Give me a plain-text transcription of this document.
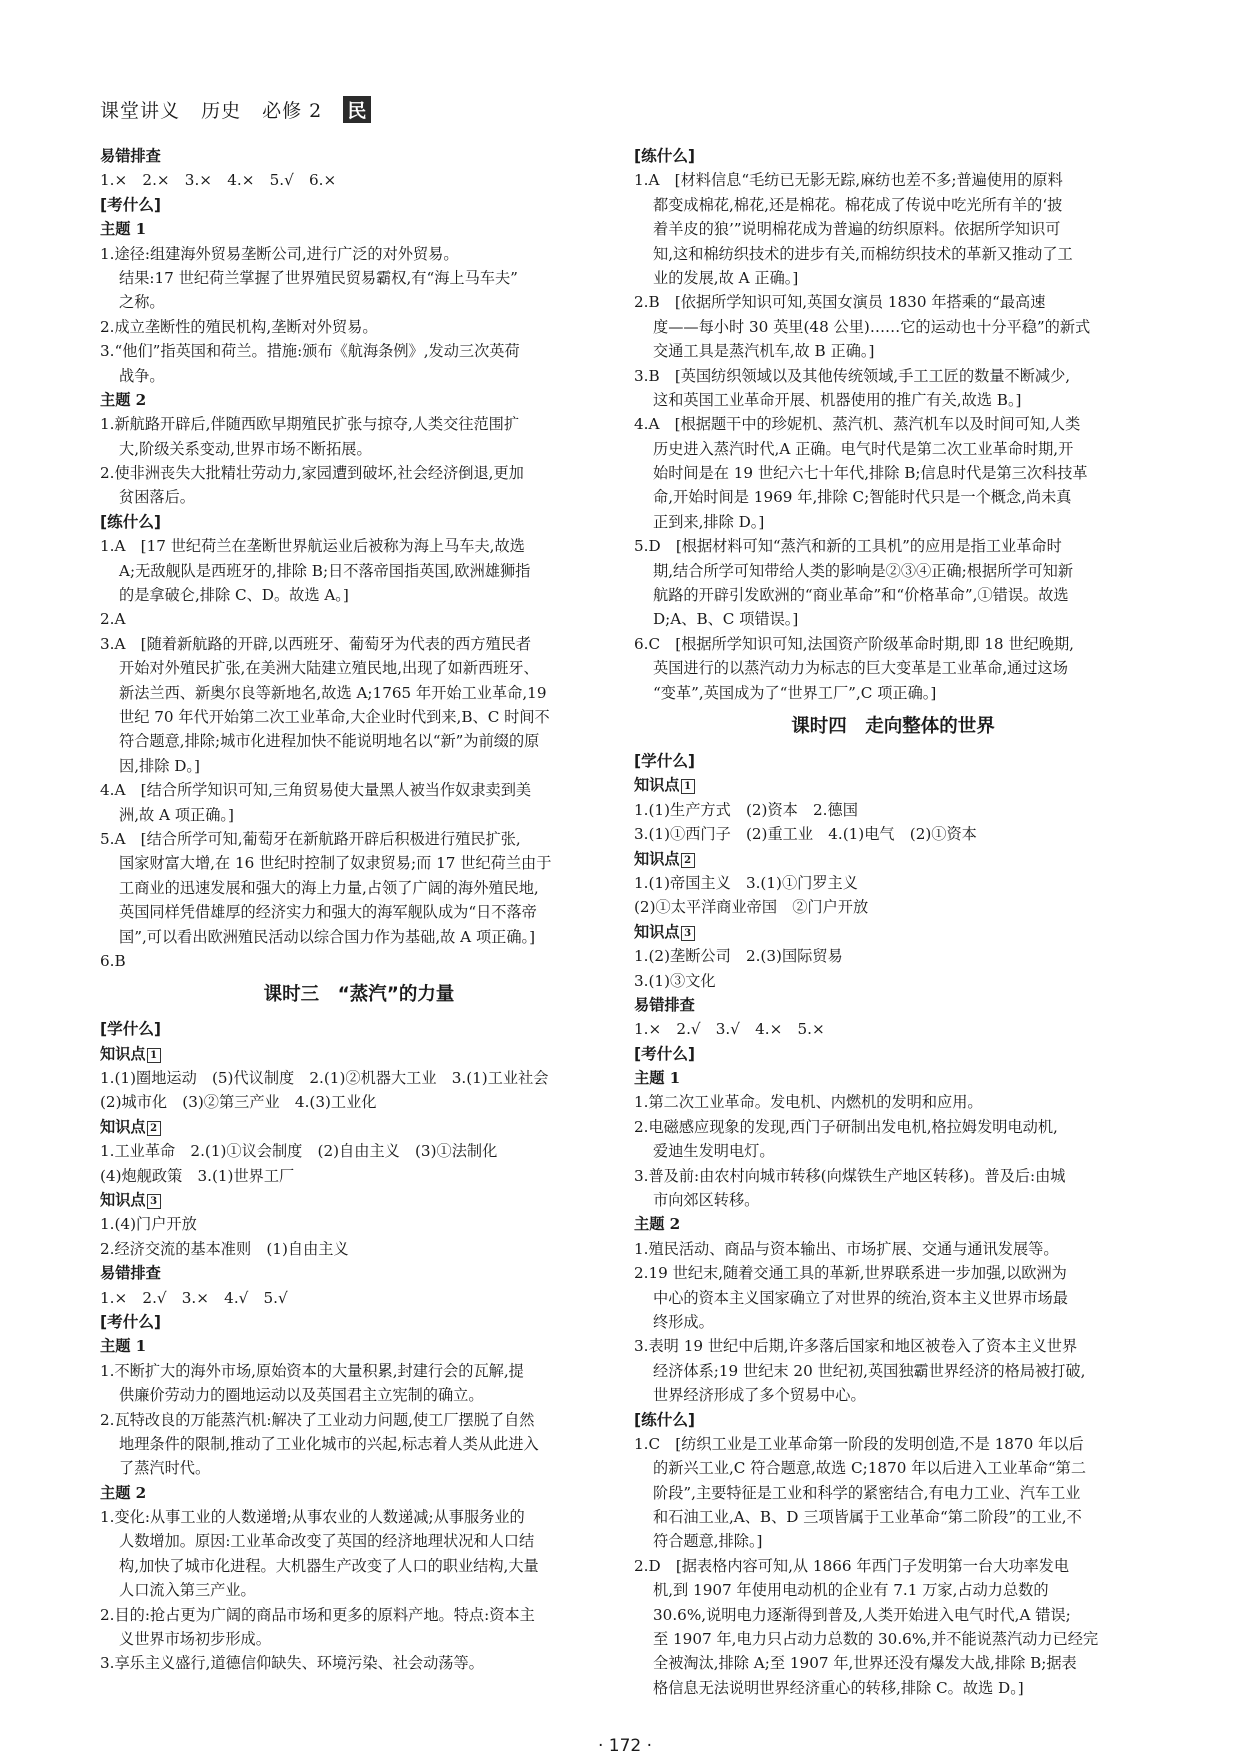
课堂讲义 历史 必修 2 民
易错排查
1.×　2.×　3.×　4.×　5.√　6.×
[考什么]
主题 1
1.途径:组建海外贸易垄断公司,进行广泛的对外贸易。
结果:17 世纪荷兰掌握了世界殖民贸易霸权,有“海上马车夫”
之称。
2.成立垄断性的殖民机构,垄断对外贸易。
3.“他们”指英国和荷兰。措施:颁布《航海条例》,发动三次英荷
战争。
主题 2
1.新航路开辟后,伴随西欧早期殖民扩张与掠夺,人类交往范围扩
大,阶级关系变动,世界市场不断拓展。
2.使非洲丧失大批精壮劳动力,家园遭到破坏,社会经济倒退,更加
贫困落后。
[练什么]
1.A　[17 世纪荷兰在垄断世界航运业后被称为海上马车夫,故选
A;无敌舰队是西班牙的,排除 B;日不落帝国指英国,欧洲雄狮指
的是拿破仑,排除 C、D。故选 A。]
2.A
3.A　[随着新航路的开辟,以西班牙、葡萄牙为代表的西方殖民者
开始对外殖民扩张,在美洲大陆建立殖民地,出现了如新西班牙、
新法兰西、新奥尔良等新地名,故选 A;1765 年开始工业革命,19
世纪 70 年代开始第二次工业革命,大企业时代到来,B、C 时间不
符合题意,排除;城市化进程加快不能说明地名以“新”为前缀的原
因,排除 D。]
4.A　[结合所学知识可知,三角贸易使大量黑人被当作奴隶卖到美
洲,故 A 项正确。]
5.A　[结合所学可知,葡萄牙在新航路开辟后积极进行殖民扩张,
国家财富大增,在 16 世纪时控制了奴隶贸易;而 17 世纪荷兰由于
工商业的迅速发展和强大的海上力量,占领了广阔的海外殖民地,
英国同样凭借雄厚的经济实力和强大的海军舰队成为“日不落帝
国”,可以看出欧洲殖民活动以综合国力作为基础,故 A 项正确。]
6.B
课时三　“蒸汽”的力量
[学什么]
知识点 1
1.(1)圈地运动　(5)代议制度　2.(1)②机器大工业　3.(1)工业社会
(2)城市化　(3)②第三产业　4.(3)工业化
知识点 2
1.工业革命　2.(1)①议会制度　(2)自由主义　(3)①法制化
(4)炮舰政策　3.(1)世界工厂
知识点 3
1.(4)门户开放
2.经济交流的基本准则　(1)自由主义
易错排查
1.×　2.√　3.×　4.√　5.√
[考什么]
主题 1
1.不断扩大的海外市场,原始资本的大量积累,封建行会的瓦解,提
供廉价劳动力的圈地运动以及英国君主立宪制的确立。
2.瓦特改良的万能蒸汽机:解决了工业动力问题,使工厂摆脱了自然
地理条件的限制,推动了工业化城市的兴起,标志着人类从此进入
了蒸汽时代。
主题 2
1.变化:从事工业的人数递增;从事农业的人数递减;从事服务业的
人数增加。原因:工业革命改变了英国的经济地理状况和人口结
构,加快了城市化进程。大机器生产改变了人口的职业结构,大量
人口流入第三产业。
2.目的:抢占更为广阔的商品市场和更多的原料产地。特点:资本主
义世界市场初步形成。
3.享乐主义盛行,道德信仰缺失、环境污染、社会动荡等。
[练什么]
1.A　[材料信息“毛纺已无影无踪,麻纺也差不多;普遍使用的原料
都变成棉花,棉花,还是棉花。棉花成了传说中吃光所有羊的‘披
着羊皮的狼’”说明棉花成为普遍的纺织原料。依据所学知识可
知,这和棉纺织技术的进步有关,而棉纺织技术的革新又推动了工
业的发展,故 A 正确。]
2.B　[依据所学知识可知,英国女演员 1830 年搭乘的“最高速
度——每小时 30 英里(48 公里)……它的运动也十分平稳”的新式
交通工具是蒸汽机车,故 B 正确。]
3.B　[英国纺织领域以及其他传统领域,手工工匠的数量不断减少,
这和英国工业革命开展、机器使用的推广有关,故选 B。]
4.A　[根据题干中的珍妮机、蒸汽机、蒸汽机车以及时间可知,人类
历史进入蒸汽时代,A 正确。电气时代是第二次工业革命时期,开
始时间是在 19 世纪六七十年代,排除 B;信息时代是第三次科技革
命,开始时间是 1969 年,排除 C;智能时代只是一个概念,尚未真
正到来,排除 D。]
5.D　[根据材料可知“蒸汽和新的工具机”的应用是指工业革命时
期,结合所学可知带给人类的影响是②③④正确;根据所学可知新
航路的开辟引发欧洲的“商业革命”和“价格革命”,①错误。故选
D;A、B、C 项错误。]
6.C　[根据所学知识可知,法国资产阶级革命时期,即 18 世纪晚期,
英国进行的以蒸汽动力为标志的巨大变革是工业革命,通过这场
“变革”,英国成为了“世界工厂”,C 项正确。]
课时四　走向整体的世界
[学什么]
知识点 1
1.(1)生产方式　(2)资本　2.德国
3.(1)①西门子　(2)重工业　4.(1)电气　(2)①资本
知识点 2
1.(1)帝国主义　3.(1)①门罗主义
(2)①太平洋商业帝国　②门户开放
知识点 3
1.(2)垄断公司　2.(3)国际贸易
3.(1)③文化
易错排查
1.×　2.√　3.√　4.×　5.×
[考什么]
主题 1
1.第二次工业革命。发电机、内燃机的发明和应用。
2.电磁感应现象的发现,西门子研制出发电机,格拉姆发明电动机,
爱迪生发明电灯。
3.普及前:由农村向城市转移(向煤铁生产地区转移)。普及后:由城
市向郊区转移。
主题 2
1.殖民活动、商品与资本输出、市场扩展、交通与通讯发展等。
2.19 世纪末,随着交通工具的革新,世界联系进一步加强,以欧洲为
中心的资本主义国家确立了对世界的统治,资本主义世界市场最
终形成。
3.表明 19 世纪中后期,许多落后国家和地区被卷入了资本主义世界
经济体系;19 世纪末 20 世纪初,英国独霸世界经济的格局被打破,
世界经济形成了多个贸易中心。
[练什么]
1.C　[纺织工业是工业革命第一阶段的发明创造,不是 1870 年以后
的新兴工业,C 符合题意,故选 C;1870 年以后进入工业革命“第二
阶段”,主要特征是工业和科学的紧密结合,有电力工业、汽车工业
和石油工业,A、B、D 三项皆属于工业革命“第二阶段”的工业,不
符合题意,排除。]
2.D　[据表格内容可知,从 1866 年西门子发明第一台大功率发电
机,到 1907 年使用电动机的企业有 7.1 万家,占动力总数的
30.6%,说明电力逐渐得到普及,人类开始进入电气时代,A 错误;
至 1907 年,电力只占动力总数的 30.6%,并不能说蒸汽动力已经完
全被淘汰,排除 A;至 1907 年,世界还没有爆发大战,排除 B;据表
格信息无法说明世界经济重心的转移,排除 C。故选 D。]
· 172 ·
